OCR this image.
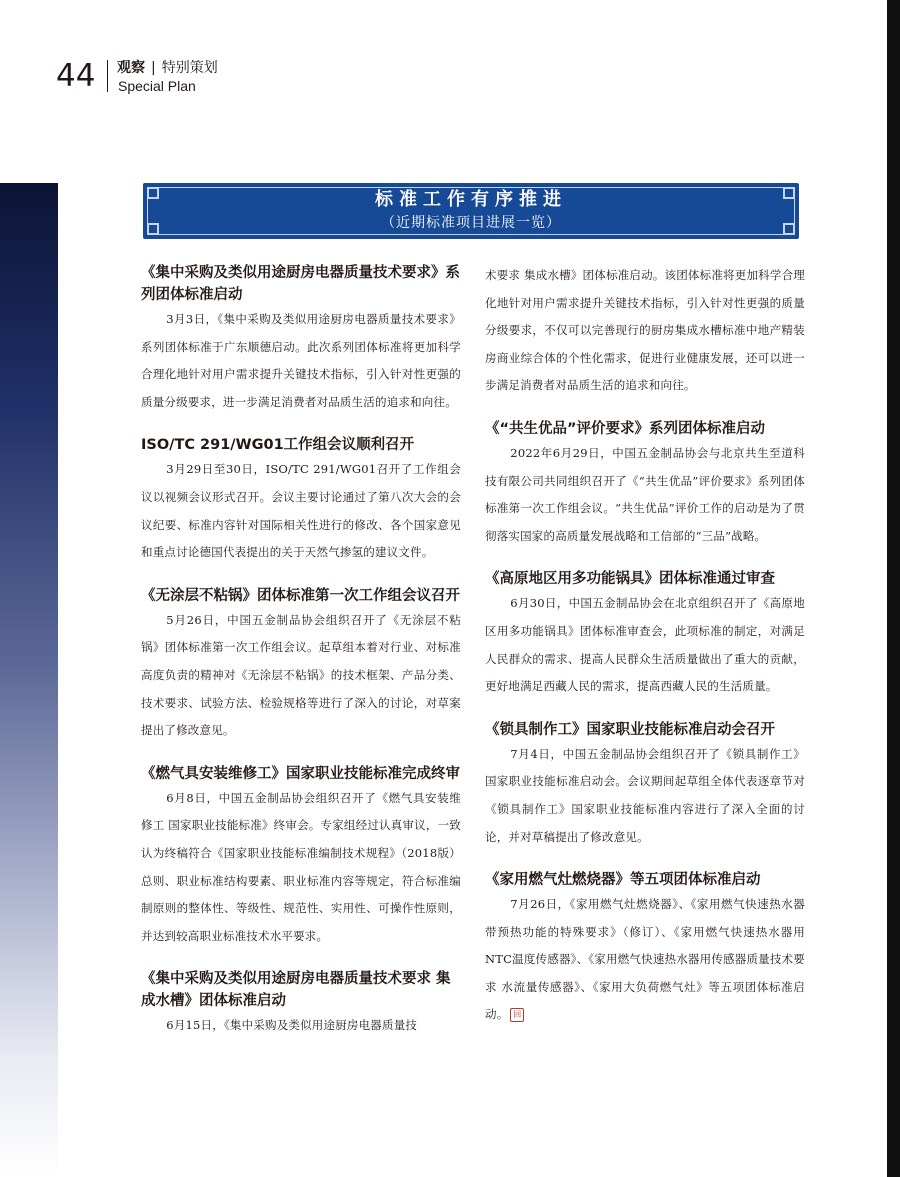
44 观察 | 特别策划
Special Plan
标准工作有序推进
（近期标准项目进展一览）
《集中采购及类似用途厨房电器质量技术要求》系列团体标准启动

3月3日，《集中采购及类似用途厨房电器质量技术要求》系列团体标准于广东顺德启动。此次系列团体标准将更加科学合理化地针对用户需求提升关键技术指标，引入针对性更强的质量分级要求，进一步满足消费者对品质生活的追求和向往。

ISO/TC 291/WG01工作组会议顺利召开

3月29日至30日，ISO/TC 291/WG01召开了工作组会议以视频会议形式召开。会议主要讨论通过了第八次大会的会议纪要、标准内容针对国际相关性进行的修改、各个国家意见和重点讨论德国代表提出的关于天然气掺氢的建议文件。

《无涂层不粘锅》团体标准第一次工作组会议召开

5月26日，中国五金制品协会组织召开了《无涂层不粘锅》团体标准第一次工作组会议。起草组本着对行业、对标准高度负责的精神对《无涂层不粘锅》的技术框架、产品分类、技术要求、试验方法、检验规格等进行了深入的讨论，对草案提出了修改意见。

《燃气具安装维修工》国家职业技能标准完成终审

6月8日，中国五金制品协会组织召开了《燃气具安装维修工 国家职业技能标准》终审会。专家组经过认真审议，一致认为终稿符合《国家职业技能标准编制技术规程》（2018版）总则、职业标准结构要素、职业标准内容等规定，符合标准编制原则的整体性、等级性、规范性、实用性、可操作性原则，并达到较高职业标准技术水平要求。

《集中采购及类似用途厨房电器质量技术要求 集成水槽》团体标准启动

6月15日，《集中采购及类似用途厨房电器质量技

术要求 集成水槽》团体标准启动。该团体标准将更加科学合理化地针对用户需求提升关键技术指标，引入针对性更强的质量分级要求，不仅可以完善现行的厨房集成水槽标准中地产精装房商业综合体的个性化需求，促进行业健康发展，还可以进一步满足消费者对品质生活的追求和向往。

《“共生优品”评价要求》系列团体标准启动

2022年6月29日，中国五金制品协会与北京共生至道科技有限公司共同组织召开了《“共生优品”评价要求》系列团体标准第一次工作组会议。“共生优品”评价工作的启动是为了贯彻落实国家的高质量发展战略和工信部的“三品”战略。

《高原地区用多功能锅具》团体标准通过审查

6月30日，中国五金制品协会在北京组织召开了《高原地区用多功能锅具》团体标准审查会，此项标准的制定，对满足人民群众的需求、提高人民群众生活质量做出了重大的贡献，更好地满足西藏人民的需求，提高西藏人民的生活质量。

《锁具制作工》国家职业技能标准启动会召开

7月4日，中国五金制品协会组织召开了《锁具制作工》国家职业技能标准启动会。会议期间起草组全体代表逐章节对《锁具制作工》国家职业技能标准内容进行了深入全面的讨论，并对草稿提出了修改意见。

《家用燃气灶燃烧器》等五项团体标准启动

7月26日，《家用燃气灶燃烧器》、《家用燃气快速热水器 带预热功能的特殊要求》（修订）、《家用燃气快速热水器用NTC温度传感器》、《家用燃气快速热水器用传感器质量技术要求 水流量传感器》、《家用大负荷燃气灶》等五项团体标准启动。 回
